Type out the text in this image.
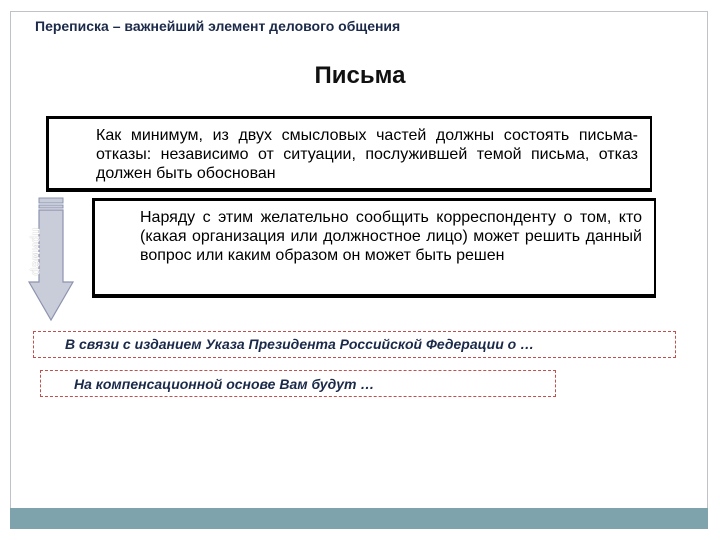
Переписка – важнейший элемент делового общения
Письма
Как минимум, из двух смысловых частей должны состоять письма-отказы: независимо от ситуации, послужившей темой письма, отказ должен быть обоснован
пример
Наряду с этим желательно сообщить корреспонденту о том, кто (какая организация или должностное лицо) может решить данный вопрос или каким образом он может быть решен
В связи с изданием Указа Президента Российской Федерации о …
На компенсационной основе Вам будут …
